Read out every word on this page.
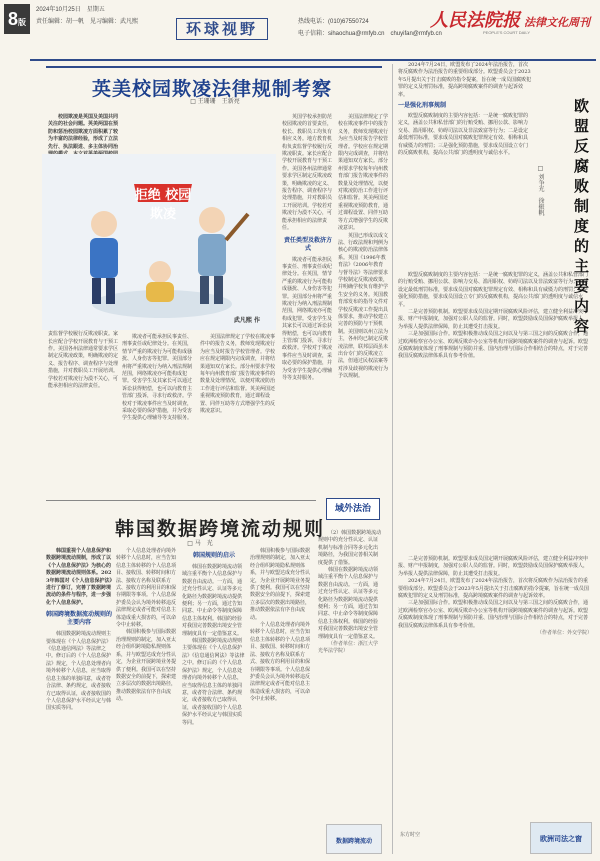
8版
2024年10月25日　 星期五
责任编辑：胡一帆　见习编辑：武凡熙	环球视野	热线电话：(010)67550724
电子信箱：sihaochua@rmfyb.cn　chuyifan@rmfyb.cn
人民法院报 法律文化周刊
PEOPLE'S COURT DAILY
英美校园欺凌法律规制考察
□ 王珊珊　王新亮

校园欺凌是英国及美国共同关注的社会问题。英美两国在预防和惩治校园欺凌方面积累了较为丰富的法律经验，形成了立法先行、执法跟进、多主体协同治

责监督学校履行反欺凌职责。家长应配合学校开展教育与干预工作。美国各州法律通常要求学区制定反欺凌政策，明确欺凌的定义、报告程序、调查程序与处理措施，并对教职员工开展培训。学校若对欺凌行为漠不关心，可能承担相应的法律责任。

拒绝 校园欺凌
武凡熙 作

欺凌者可能承担民事责任、刑事责任或纪律处分。在英国，情节严重的欺凌行为可能构成骚扰、人身伤害等犯罪。美国部分州将严重欺凌行为纳入刑法规制范围，网络欺凌亦可能构成犯罪。受害学生及其家长可以通过诉讼获得赔偿，也可以向教育主管部门投诉，寻求行政救济。学校对于欺凌事件应当及时调查，采取必要的保护措施，并为受害学生提供心理辅导等支持服务。

美国法律规定了学校在欺凌事件中的报告义务，教师发现欺凌行为应当及时报告学校管理者。学校应在规定期限内完成调查，并将结果通知双方家长。部分州要求学校每年向州教育部门报告欺凌事件的数量及处理情况，以便对欺凌防治工作进行评估和监督。英美两国还重视欺凌预防教育，通过课程设置、同伴互助等方式增强学生的反欺凌意识。

英国学校承担防范校园欺凌的首要责任，校长、教职员工均负有相应义务。地方教育机构负责监督学校履行反欺凌职责。家长应配合学校开展教育与干预工作。美国各州法律通常要求学区制定反欺凌政策，明确欺凌的定义、报告程序、调查程序与处理措施，并对教职员工开展培训。学校若对欺凌行为漠不关心，可能承担相应的法律责任。

责任类型及救济方式

欺凌者可能承担民事责任、刑事责任或纪律处分。在英国，情节严重的欺凌行为可能构成骚扰、人身伤害等犯罪。美国部分州将严重欺凌行为纳入刑法规制范围，网络欺凌亦可能构成犯罪。受害学生及其家长可以通过诉讼获得赔偿，也可以向教育主管部门投诉，寻求行政救济。学校对于欺凌事件应当及时调查，采取必要的保护措施，并为受害学生提供心理辅导等支持服务。

美国法律规定了学校在欺凌事件中的报告义务，教师发现欺凌行为应当及时报告学校管理者。学校应在规定期限内完成调查，并将结果通知双方家长。部分州要求学校每年向州教育部门报告欺凌事件的数量及处理情况，以便对欺凌防治工作进行评估和监督。英美两国还重视欺凌预防教育，通过课程设置、同伴互助等方式增强学生的反欺凌意识。

英国已形成以成文法、行政法规和判例为核心的欺凌防治法律体系。英国《1996年教育法》《2006年教育与督导法》等法律要求学校制定反欺凌政策，并明确学校负有维护学生安全的义务。英国教育部发布的指导文件对学校反欺凌工作提出具体要求，推动学校建立完善的预防与干预机制。美国则以州立法为主，各州均已制定反欺凌法律，联邦层面虽未出台专门的反欺凌立法，但通过民权法案等对涉及歧视的欺凌行为予以规制。

域外法治
韩国数据跨境流动规则
□ 马　光

韩国重视个人信息保护和数据跨境流动规制，形成了以《个人信息保护法》为核心的数据跨境流动规则体系。2023年韩国对《个人信息保护法》进行了修订，完善了数据跨境流动的条件与程序，进一步强化个人信息保护。

韩国跨境数据流动规则的主要内容

韩国数据跨境流动规则主要体现在《个人信息保护法》《信息通信网法》等法律之中。修订后的《个人信息保护法》规定，个人信息处理者向境外转移个人信息，应当取得信息主体的单独同意，或者符合法律、条约规定，或者接收方已取得认证，或者接收国的个人信息保护水平经认定与韩国实质等同。

个人信息处理者向境外转移个人信息时，应当告知信息主体转移的个人信息项目、接收国、转移时间和方法、接收方名称及联系方式、接收方的利用目的和保存期限等事项。个人信息保护委员会认为境外转移违反法律规定或者可能对信息主体造成重大损害的，可以命令中止转移。

韩国积极参与国际数据治理规则的制定，加入亚太经合组织跨境隐私规则体系，并与欧盟达成充分性认定，为企业开展跨境业务提供了便利。我国可以在坚持数据安全的前提下，探索建立多层次的数据出境路径，推动数据依法有序自由流动。

韩国规则的启示

韩国在数据跨境流动领域注重平衡个人信息保护与数据自由流动。一方面，通过充分性认定、认证等多元化路径为数据跨境流动提供便利；另一方面，通过告知同意、中止命令等制度保障信息主体权利。韩国的经验对我国完善数据出境安全管理制度具有一定借鉴意义。

韩国数据跨境流动规则主要体现在《个人信息保护法》《信息通信网法》等法律之中。修订后的《个人信息保护法》规定，个人信息处理者向境外转移个人信息，应当取得信息主体的单独同意，或者符合法律、条约规定，或者接收方已取得认证，或者接收国的个人信息保护水平经认定与韩国实质等同。

韩国积极参与国际数据治理规则的制定，加入亚太经合组织跨境隐私规则体系，并与欧盟达成充分性认定，为企业开展跨境业务提供了便利。我国可以在坚持数据安全的前提下，探索建立多层次的数据出境路径，推动数据依法有序自由流动。

个人信息处理者向境外转移个人信息时，应当告知信息主体转移的个人信息项目、接收国、转移时间和方法、接收方名称及联系方式、接收方的利用目的和保存期限等事项。个人信息保护委员会认为境外转移违反法律规定或者可能对信息主体造成重大损害的，可以命令中止转移。

（2）韩国数据跨境流动规则中的充分性认定、认证机制与标准合同等多元化出境路径，为我国完善相关制度提供了借鉴。

韩国在数据跨境流动领域注重平衡个人信息保护与数据自由流动。一方面，通过充分性认定、认证等多元化路径为数据跨境流动提供便利；另一方面，通过告知同意、中止命令等制度保障信息主体权利。韩国的经验对我国完善数据出境安全管理制度具有一定借鉴意义。

（作者单位：浙江大学光华法学院）

数据跨境流动
欧盟反腐败制度的主要内容
□ 刘争光　徐振帆

2024年7月24日，欧盟发布了2024年法治报告，首次将反腐败作为法治报告的重要组成部分。欧盟委员会于2023年5月提出关于打击腐败的指令提案，旨在统一成员国腐败犯罪的定义及刑罚标准，提高跨境腐败案件的调查与起诉效率。

一是强化刑事规制

欧盟反腐败制度的主要内容包括：一是统一腐败犯罪的定义，涵盖公共和私营部门的行贿受贿、挪用公款、影响力交易、滥用职权、妨碍司法以及非法致富等行为；二是设定最低刑罚标准，要求成员国对腐败犯罪规定有效、相称和具有威慑力的刑罚；三是强化预防措施，要求成员国设立专门的反腐败机构，提高公共部门的透明度与诚信水平。

欧盟反腐败制度的主要内容包括：一是统一腐败犯罪的定义，涵盖公共和私营部门的行贿受贿、挪用公款、影响力交易、滥用职权、妨碍司法以及非法致富等行为；二是设定最低刑罚标准，要求成员国对腐败犯罪规定有效、相称和具有威慑力的刑罚；三是强化预防措施，要求成员国设立专门的反腐败机构，提高公共部门的透明度与诚信水平。

二是完善预防机制。欧盟要求成员国定期开展腐败风险评估，建立健全利益冲突申报、财产申报制度，加强对公职人员的监督。同时，欧盟鼓励成员国保护腐败举报人，为举报人提供法律保障，防止其遭受打击报复。

三是加强国际合作。欧盟积极推动成员国之间以及与第三国之间的反腐败合作，通过欧洲检察官办公室、欧洲反欺诈办公室等机构开展跨境腐败案件的调查与起诉。欧盟反腐败制度体现了刑事规制与预防并重、国内治理与国际合作相结合的特点，对于完善我国反腐败法律体系具有参考价值。

二是完善预防机制。欧盟要求成员国定期开展腐败风险评估，建立健全利益冲突申报、财产申报制度，加强对公职人员的监督。同时，欧盟鼓励成员国保护腐败举报人，为举报人提供法律保障，防止其遭受打击报复。

2024年7月24日，欧盟发布了2024年法治报告，首次将反腐败作为法治报告的重要组成部分。欧盟委员会于2023年5月提出关于打击腐败的指令提案，旨在统一成员国腐败犯罪的定义及刑罚标准，提高跨境腐败案件的调查与起诉效率。

三是加强国际合作。欧盟积极推动成员国之间以及与第三国之间的反腐败合作，通过欧洲检察官办公室、欧洲反欺诈办公室等机构开展跨境腐败案件的调查与起诉。欧盟反腐败制度体现了刑事规制与预防并重、国内治理与国际合作相结合的特点，对于完善我国反腐败法律体系具有参考价值。

（作者单位：外交学院）

欧洲司法之窗
东方时空
